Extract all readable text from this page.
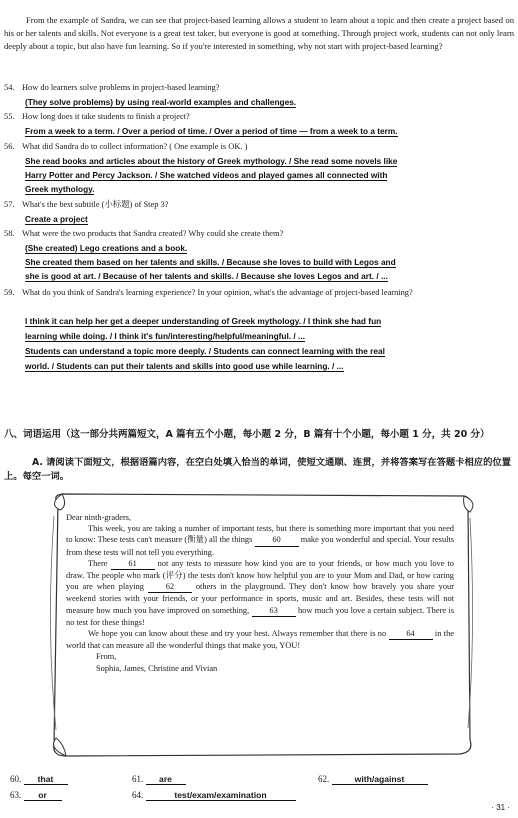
From the example of Sandra, we can see that project-based learning allows a student to learn about a topic and then create a project based on his or her talents and skills. Not everyone is a great test taker, but everyone is good at something. Through project work, students can not only learn deeply about a topic, but also have fun learning. So if you're interested in something, why not start with project-based learning?
54. How do learners solve problems in project-based learning?
(They solve problems) by using real-world examples and challenges.
55. How long does it take students to finish a project?
From a week to a term. / Over a period of time. / Over a period of time — from a week to a term.
56. What did Sandra do to collect information? ( One example is OK. )
She read books and articles about the history of Greek mythology. / She read some novels like
Harry Potter and Percy Jackson. / She watched videos and played games all connected with
Greek mythology.
57. What's the best subtitle (小标题) of Step 3?
Create a project
58. What were the two products that Sandra created? Why could she create them?
(She created) Lego creations and a book.
She created them based on her talents and skills. / Because she loves to build with Legos and
she is good at art. / Because of her talents and skills. / Because she loves Legos and art. / ...
59. What do you think of Sandra's learning experience? In your opinion, what's the advantage of project-based learning?
I think it can help her get a deeper understanding of Greek mythology. / I think she had fun
learning while doing. / I think it's fun/interesting/helpful/meaningful. / ...
Students can understand a topic more deeply. / Students can connect learning with the real
world. / Students can put their talents and skills into good use while learning. / ...
八、词语运用（这一部分共两篇短文，A 篇有五个小题，每小题 2 分，B 篇有十个小题，每小题 1 分，共 20 分）
A. 请阅读下面短文，根据语篇内容，在空白处填入恰当的单词，使短文通顺、连贯，并将答案写在答题卡相应的位置上。每空一词。

Dear ninth-graders,

This week, you are taking a number of important tests, but there is something more important that you need to know: These tests can't measure (衡量) all the things 60 make you wonderful and special. Your results from these tests will not tell you everything.

There 61 not any tests to measure how kind you are to your friends, or how much you love to draw. The people who mark (评分) the tests don't know how helpful you are to your Mom and Dad, or how caring you are when playing	62	others in the playground. They don't know how bravely you share your weekend stories with your friends, or your performance in sports, music and art. Besides, these tests will not measure how much you have improved on something, 63 how much you love a certain subject. There is no test for these things!

We hope you can know about these and try your best. Always remember that there is no 64 in the world that can measure all the wonderful things that make you, YOU!

From,

Sophia, James, Christine and Vivian

60. that	61. are	62.	with/against
63. or	64.	test/exam/examination
· 31 ·
